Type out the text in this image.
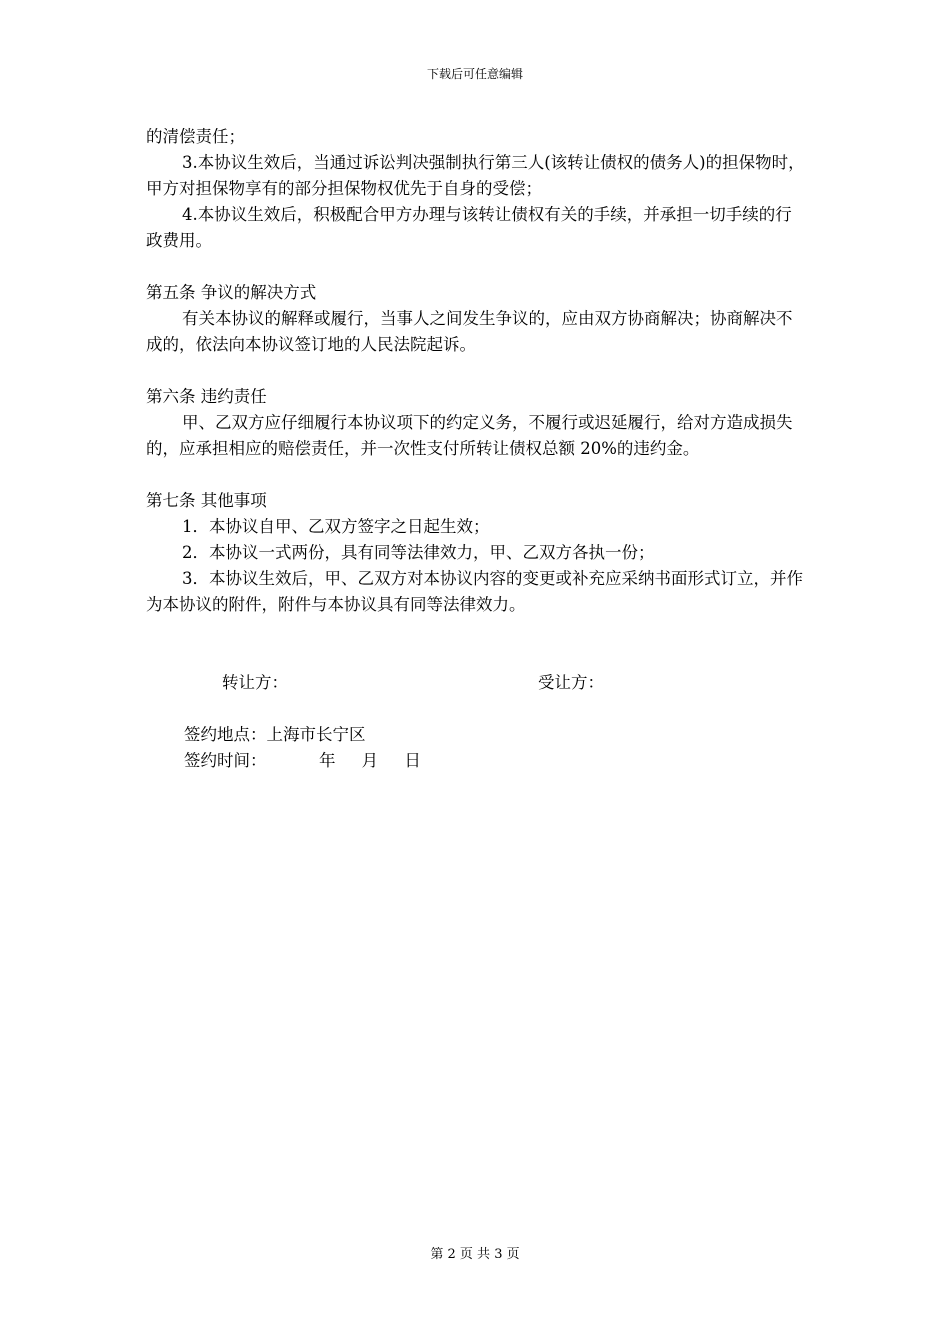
下载后可任意编辑

的清偿责任；

3.本协议生效后，当通过诉讼判决强制执行第三人(该转让债权的债务人)的担保物时，甲方对担保物享有的部分担保物权优先于自身的受偿；

4.本协议生效后，积极配合甲方办理与该转让债权有关的手续，并承担一切手续的行政费用。

第五条 争议的解决方式

有关本协议的解释或履行，当事人之间发生争议的，应由双方协商解决；协商解决不成的，依法向本协议签订地的人民法院起诉。

第六条 违约责任

甲、乙双方应仔细履行本协议项下的约定义务，不履行或迟延履行，给对方造成损失的，应承担相应的赔偿责任，并一次性支付所转让债权总额 20%的违约金。

第七条 其他事项

1．本协议自甲、乙双方签字之日起生效；

2．本协议一式两份，具有同等法律效力，甲、乙双方各执一份；

3．本协议生效后，甲、乙双方对本协议内容的变更或补充应采纳书面形式订立，并作为本协议的附件，附件与本协议具有同等法律效力。

转让方：	受让方：

签约地点：上海市长宁区

签约时间：          年     月     日

第 2 页 共 3 页
